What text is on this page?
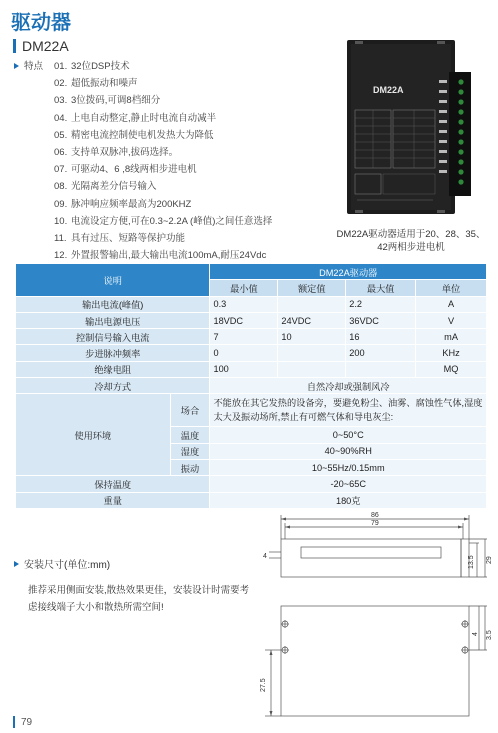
驱动器
DM22A
特点	01. 32位DSP技术
02. 超低振动和噪声
03. 3位拨码,可调8档细分
04. 上电自动整定,静止时电流自动减半
05. 精密电流控制使电机发热大为降低
06. 支持单双脉冲,拔码选择。
07. 可驱动4、6 ,8线两相步进电机
08. 光隔离差分信号输入
09. 脉冲响应频率最高为200KHZ
10. 电流设定方便,可在0.3~2.2A (峰值)之间任意选择
11. 具有过压、短路等保护功能
12. 外置报警输出,最大输出电流100mA,耐压24Vdc
DM22A
DM22A驱动器适用于20、28、35、
42两相步进电机
说明		DM22A驱动器			
		最小值	额定值	最大值	单位
输出电流(峰值)		0.3		2.2	A
输出电源电压		18VDC	24VDC	36VDC	V
控制信号输入电流		7	10	16	mA
步进脉冲频率		0		200	KHz
绝缘电阻		100			MQ
冷却方式		自然冷却或强制风冷			
使用环境	场合	不能放在其它发热的设备旁，要避免粉尘、油雾、腐蚀性气体,湿度太大及振动场所,禁止有可燃气体和导电灰尘:			
	温度	0~50°C			
	湿度	40~90%RH			
	振动	10~55Hz/0.15mm			
保持温度		-20~65C			
重量		180克			
安装尺寸(单位:mm)
推荐采用侧面安装,散热效果更佳，安装设计时需要考虑接线端子大小和散热所需空间!
86
79
4	13.5 29
27.5
4 3.5
79
